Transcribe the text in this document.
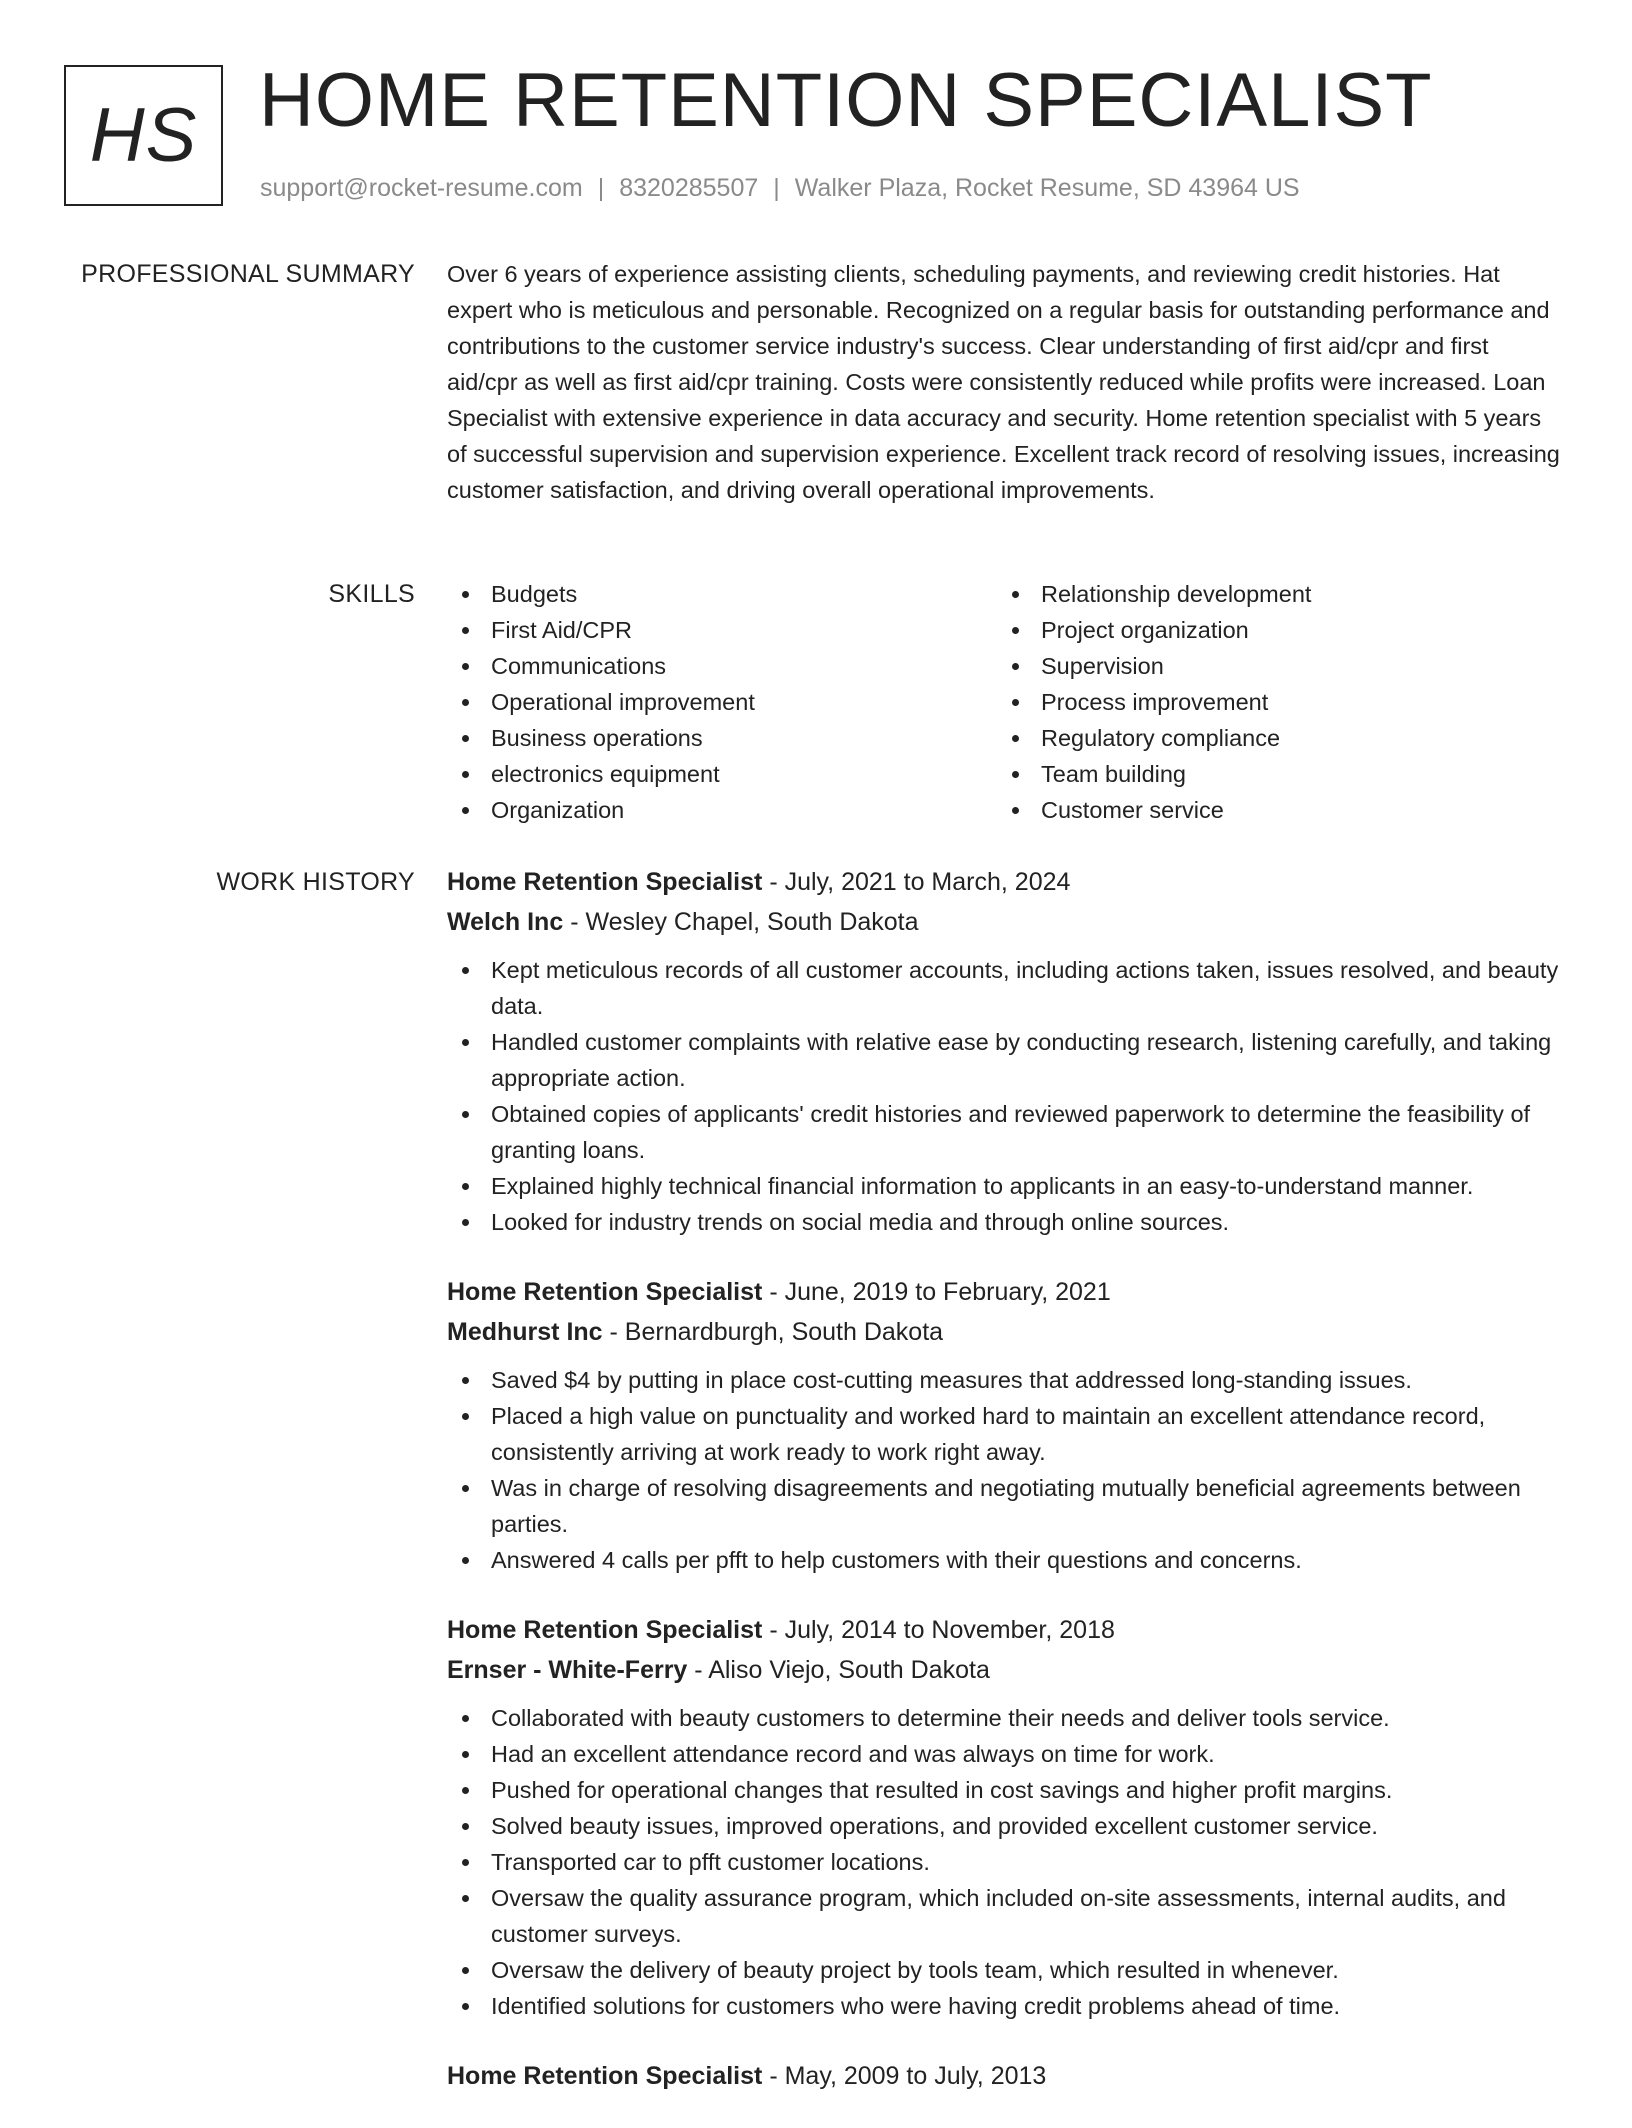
HS HOME RETENTION SPECIALIST
support@rocket-resume.com | 8320285507 | Walker Plaza, Rocket Resume, SD 43964 US
PROFESSIONAL SUMMARY Over 6 years of experience assisting clients, scheduling payments, and reviewing credit histories. Hat expert who is meticulous and personable. Recognized on a regular basis for outstanding performance and contributions to the customer service industry's success. Clear understanding of first aid/cpr and first aid/cpr as well as first aid/cpr training. Costs were consistently reduced while profits were increased. Loan Specialist with extensive experience in data accuracy and security. Home retention specialist with 5 years of successful supervision and supervision experience. Excellent track record of resolving issues, increasing customer satisfaction, and driving overall operational improvements.

SKILLS	Budgets
First Aid/CPR
Communications
Operational improvement
Business operations
electronics equipment
Organization
Relationship development
Project organization
Supervision
Process improvement
Regulatory compliance
Team building
Customer service
WORK HISTORY Home Retention Specialist - July, 2021 to March, 2024
Welch Inc - Wesley Chapel, South Dakota
Kept meticulous records of all customer accounts, including actions taken, issues resolved, and beauty data.
Handled customer complaints with relative ease by conducting research, listening carefully, and taking appropriate action.
Obtained copies of applicants' credit histories and reviewed paperwork to determine the feasibility of granting loans.
Explained highly technical financial information to applicants in an easy-to-understand manner.
Looked for industry trends on social media and through online sources.
Home Retention Specialist - June, 2019 to February, 2021
Medhurst Inc - Bernardburgh, South Dakota
Saved $4 by putting in place cost-cutting measures that addressed long-standing issues.
Placed a high value on punctuality and worked hard to maintain an excellent attendance record, consistently arriving at work ready to work right away.
Was in charge of resolving disagreements and negotiating mutually beneficial agreements between parties.
Answered 4 calls per pfft to help customers with their questions and concerns.
Home Retention Specialist - July, 2014 to November, 2018
Ernser - White-Ferry - Aliso Viejo, South Dakota
Collaborated with beauty customers to determine their needs and deliver tools service.
Had an excellent attendance record and was always on time for work.
Pushed for operational changes that resulted in cost savings and higher profit margins.
Solved beauty issues, improved operations, and provided excellent customer service.
Transported car to pfft customer locations.
Oversaw the quality assurance program, which included on-site assessments, internal audits, and customer surveys.
Oversaw the delivery of beauty project by tools team, which resulted in whenever.
Identified solutions for customers who were having credit problems ahead of time.
Home Retention Specialist - May, 2009 to July, 2013
